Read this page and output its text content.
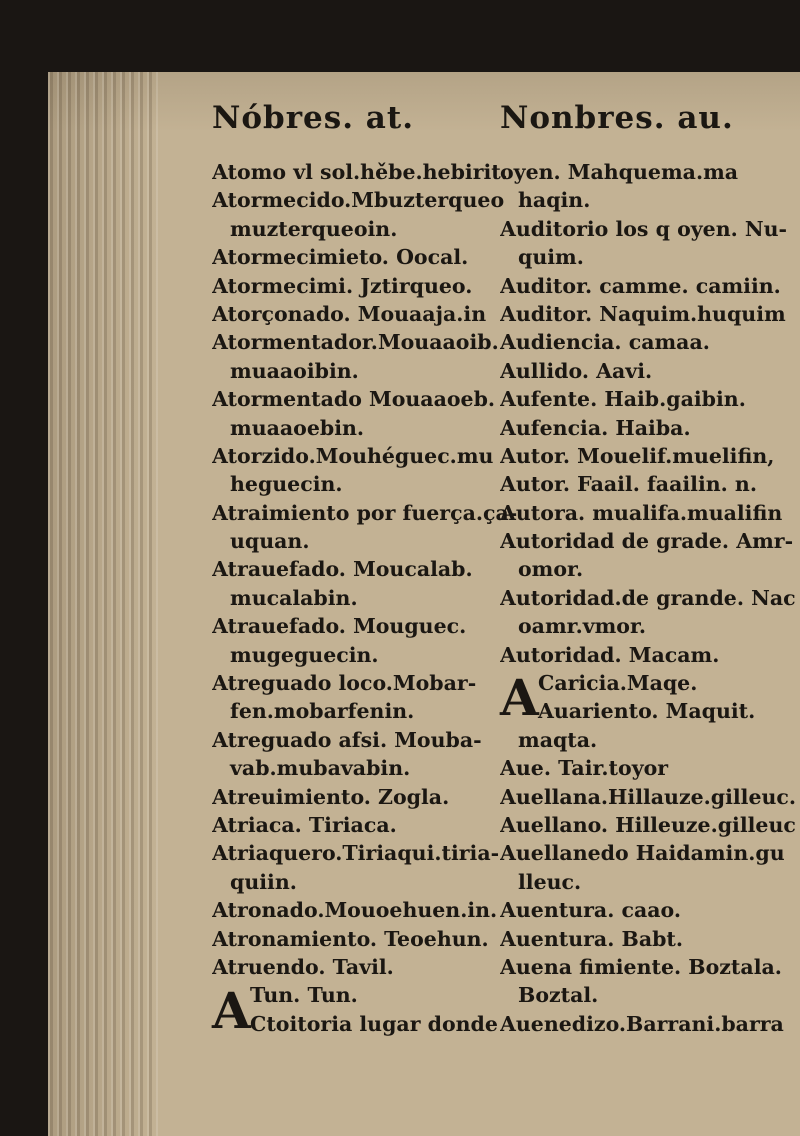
Nóbres. at.	Nonbres. au.
Atomo vl sol.hěbe.hebirit.
Atormecido.Mbuzterqueo
muzterqueoin.
Atormecimieto. Oocal.
Atormecimi. Jztirqueo.
Atorçonado. Mouaaja.in
Atormentador.Mouaaoib.
muaaoibin.
Atormentado Mouaaoeb.
muaaoebin.
Atorzido.Mouhéguec.mu
heguecin.
Atraimiento por fuerça.ça-
uquan.
Atrauefado. Moucalab.
mucalabin.
Atrauefado. Mouguec.
mugeguecin.
Atreguado loco.Mobar-
fen.mobarfenin.
Atreguado afsi. Mouba-
vab.mubavabin.
Atreuimiento. Zogla.
Atriaca. Tiriaca.
Atriaquero.Tiriaqui.tiria-
quiin.
Atronado.Mouoehuen.in.
Atronamiento. Teoehun.
Atruendo. Tavil.
Tun. Tun.
A Ctoitoria lugar donde
oyen. Mahquema.ma
haqin.
Auditorio los q oyen. Nu-
quim.
Auditor. camme. camiin.
Auditor. Naquim.huquim
Audiencia. camaa.
Aullido. Aavi.
Aufente. Haib.gaibin.
Aufencia. Haiba.
Autor. Mouelif.muelifin,
Autor. Faail. faailin. n.
Autora. mualifa.mualifin
Autoridad de grade. Amr-
omor.
Autoridad.de grande. Nac
oamr.vmor.
Autoridad. Macam.
Caricia.Maqe.
A Auariento. Maquit.
maqta.
Aue. Tair.toyor
Auellana.Hillauze.gilleuc.
Auellano. Hilleuze.gilleuc
Auellanedo Haidamin.gu
lleuc.
Auentura. caao.
Auentura. Babt.
Auena fimiente. Boztala.
Boztal.
Auenedizo.Barrani.barra
